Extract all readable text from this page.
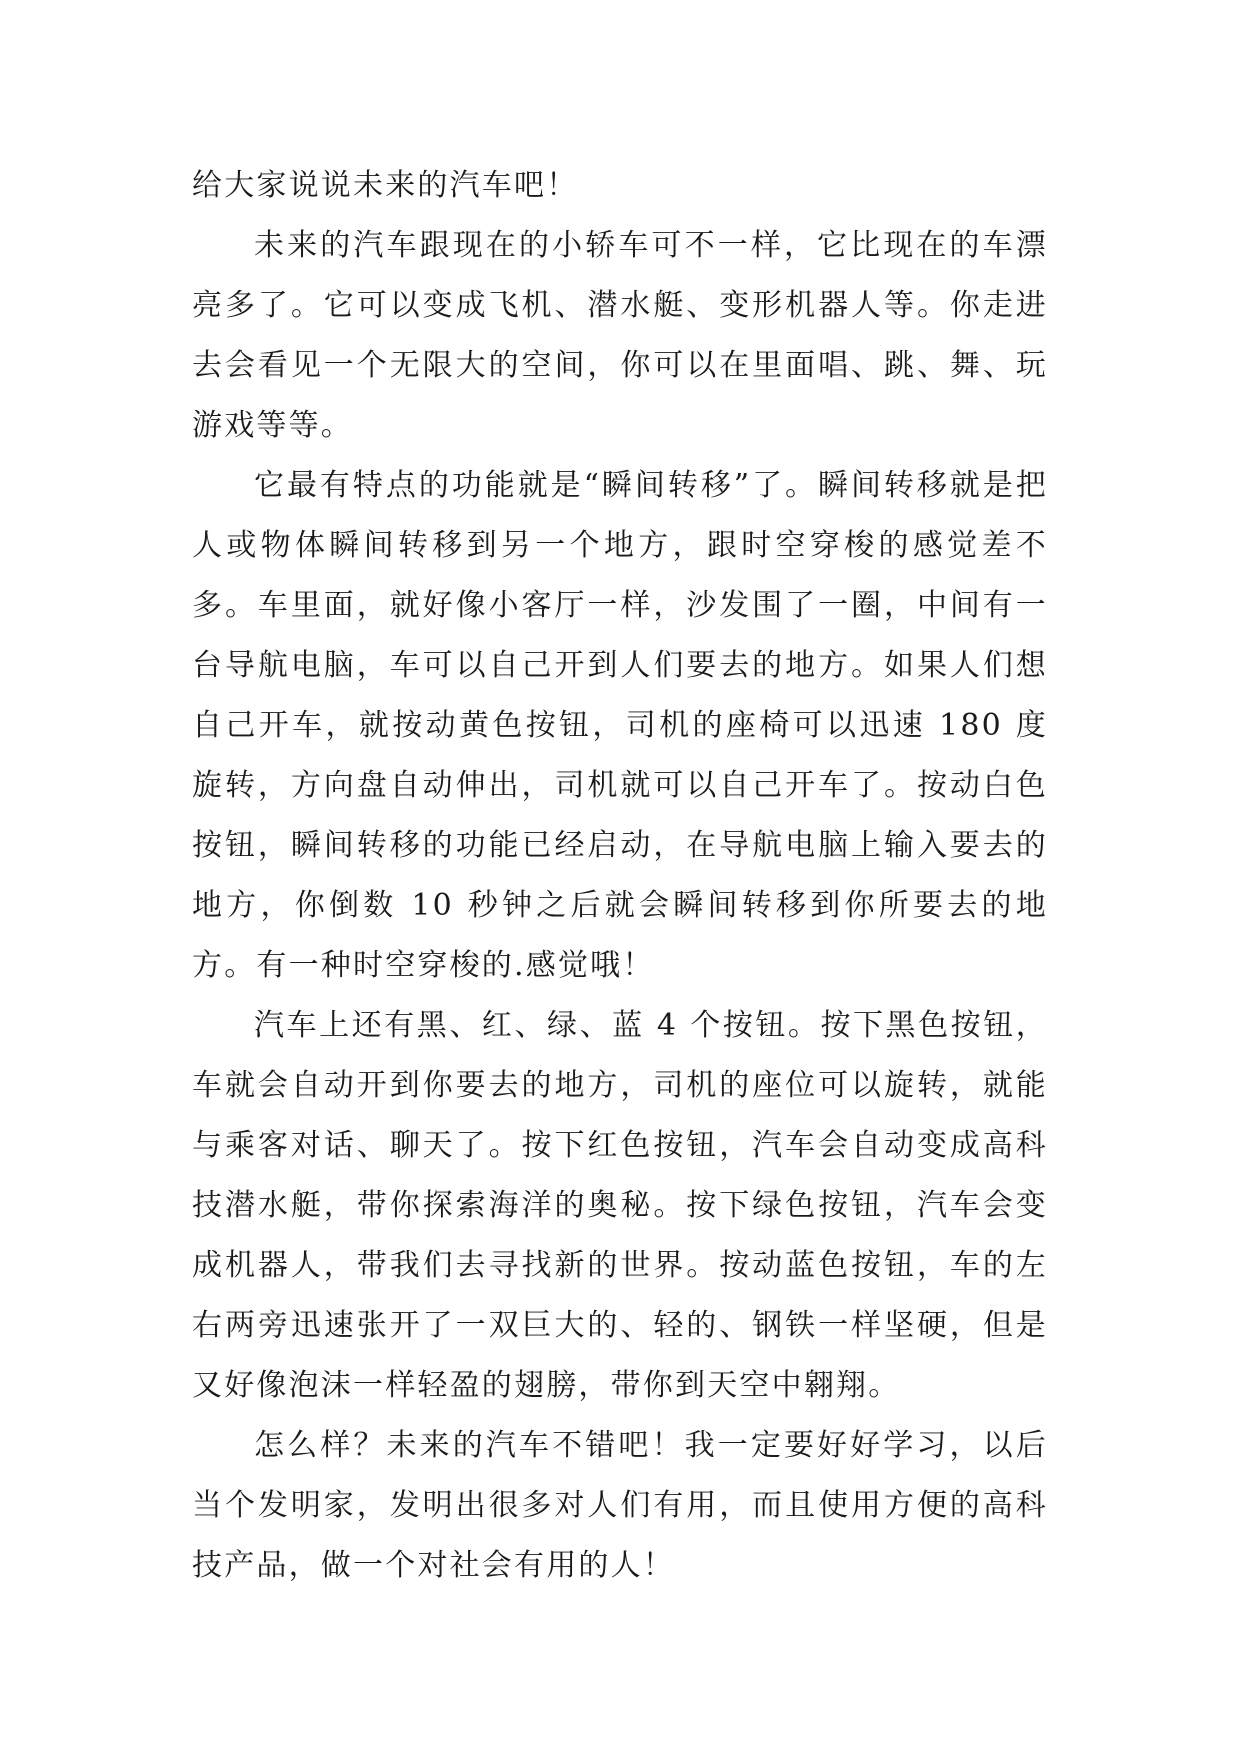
给大家说说未来的汽车吧！

未来的汽车跟现在的小轿车可不一样，它比现在的车漂亮多了。它可以变成飞机、潜水艇、变形机器人等。你走进去会看见一个无限大的空间，你可以在里面唱、跳、舞、玩游戏等等。

它最有特点的功能就是“瞬间转移”了。瞬间转移就是把人或物体瞬间转移到另一个地方，跟时空穿梭的感觉差不多。车里面，就好像小客厅一样，沙发围了一圈，中间有一台导航电脑，车可以自己开到人们要去的地方。如果人们想自己开车，就按动黄色按钮，司机的座椅可以迅速 180 度旋转，方向盘自动伸出，司机就可以自己开车了。按动白色按钮，瞬间转移的功能已经启动，在导航电脑上输入要去的地方，你倒数 10 秒钟之后就会瞬间转移到你所要去的地方。有一种时空穿梭的.感觉哦！

汽车上还有黑、红、绿、蓝 4 个按钮。按下黑色按钮，车就会自动开到你要去的地方，司机的座位可以旋转，就能与乘客对话、聊天了。按下红色按钮，汽车会自动变成高科技潜水艇，带你探索海洋的奥秘。按下绿色按钮，汽车会变成机器人，带我们去寻找新的世界。按动蓝色按钮，车的左右两旁迅速张开了一双巨大的、轻的、钢铁一样坚硬，但是又好像泡沫一样轻盈的翅膀，带你到天空中翱翔。

怎么样？未来的汽车不错吧！我一定要好好学习，以后当个发明家，发明出很多对人们有用，而且使用方便的高科技产品，做一个对社会有用的人！
